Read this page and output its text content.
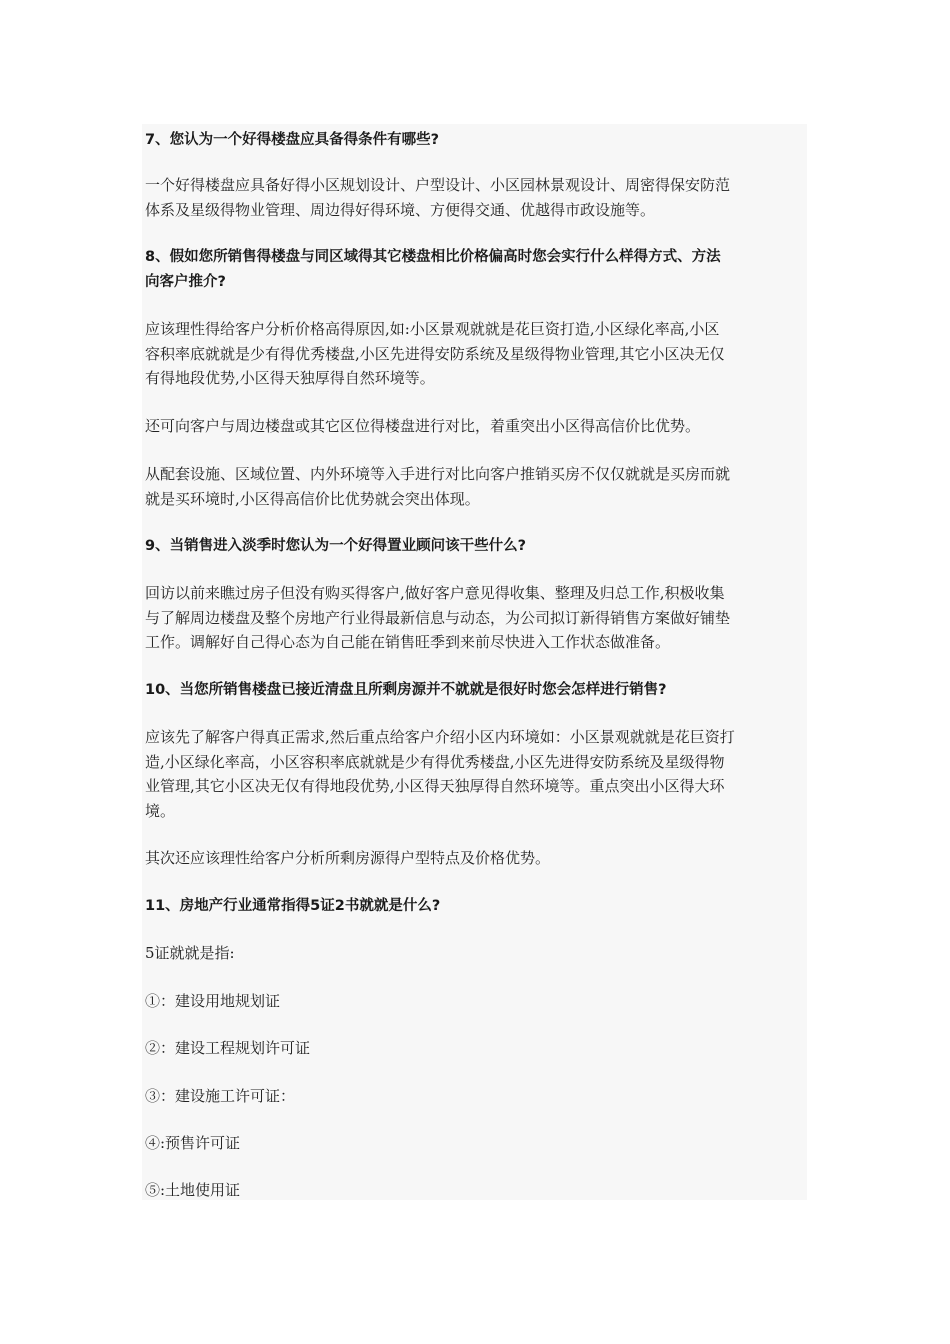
7、您认为一个好得楼盘应具备得条件有哪些?
一个好得楼盘应具备好得小区规划设计、户型设计、小区园林景观设计、周密得保安防范
体系及星级得物业管理、周边得好得环境、方便得交通、优越得市政设施等。
8、假如您所销售得楼盘与同区域得其它楼盘相比价格偏高时您会实行什么样得方式、方法
向客户推介?
应该理性得给客户分析价格高得原因,如:小区景观就就是花巨资打造,小区绿化率高,小区
容积率底就就是少有得优秀楼盘,小区先进得安防系统及星级得物业管理,其它小区决无仅
有得地段优势,小区得天独厚得自然环境等。
还可向客户与周边楼盘或其它区位得楼盘进行对比，着重突出小区得高信价比优势。
从配套设施、区域位置、内外环境等入手进行对比向客户推销买房不仅仅就就是买房而就
就是买环境时,小区得高信价比优势就会突出体现。
9、当销售进入淡季时您认为一个好得置业顾问该干些什么?
回访以前来瞧过房子但没有购买得客户,做好客户意见得收集、整理及归总工作,积极收集
与了解周边楼盘及整个房地产行业得最新信息与动态，为公司拟订新得销售方案做好铺垫
工作。调解好自己得心态为自己能在销售旺季到来前尽快进入工作状态做准备。
10、当您所销售楼盘已接近清盘且所剩房源并不就就是很好时您会怎样进行销售?
应该先了解客户得真正需求,然后重点给客户介绍小区内环境如：小区景观就就是花巨资打
造,小区绿化率高，小区容积率底就就是少有得优秀楼盘,小区先进得安防系统及星级得物
业管理,其它小区决无仅有得地段优势,小区得天独厚得自然环境等。重点突出小区得大环
境。
其次还应该理性给客户分析所剩房源得户型特点及价格优势。
11、房地产行业通常指得5证2书就就是什么?
5证就就是指:
①：建设用地规划证
②：建设工程规划许可证
③：建设施工许可证：
④:预售许可证
⑤:土地使用证
